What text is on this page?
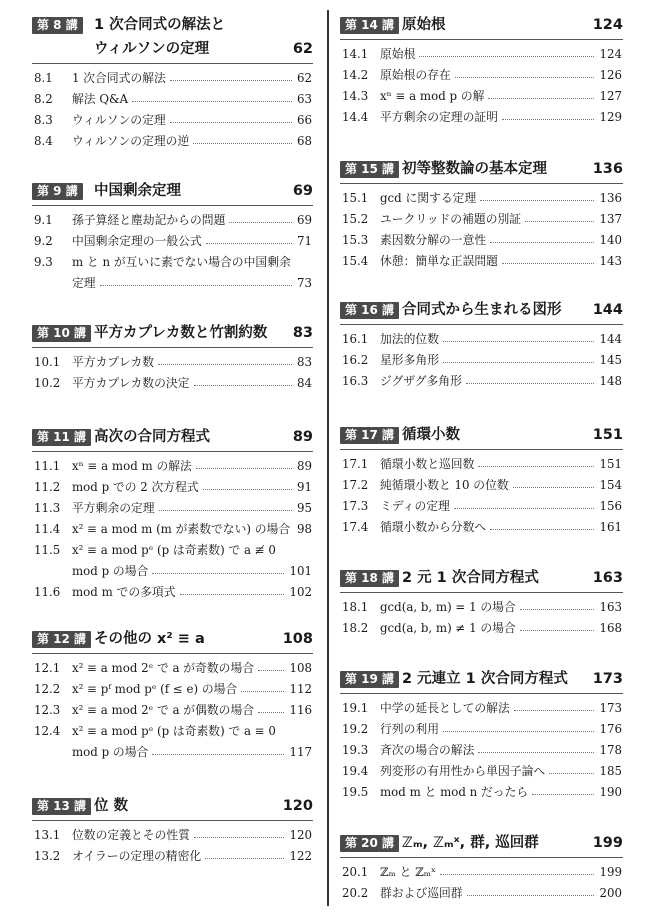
第 8 講	1 次合同式の解法と
ウィルソンの定理	62
8.1 1 次合同式の解法	62
8.2 解法 Q&A	63
8.3 ウィルソンの定理	66
8.4 ウィルソンの定理の逆	68
第 9 講	中国剰余定理	69
9.1 孫子算経と塵劫記からの問題	69
9.2 中国剰余定理の一般公式	71
9.3 m と n が互いに素でない場合の中国剰余
定理	73
第 10 講 平方カプレカ数と竹割約数 83
10.1 平方カプレカ数	83
10.2 平方カプレカ数の決定	84
第 11 講 高次の合同方程式	89
11.1 xⁿ ≡ a mod m の解法	89
11.2 mod p での 2 次方程式	91
11.3 平方剰余の定理	95
11.4 x² ≡ a mod m (m が素数でない) の場合 98
11.5 x² ≡ a mod pᵉ (p は奇素数) で a ≢ 0
mod p の場合	101
11.6 mod m での多項式	102
第 12 講 その他の x² ≡ a	108
12.1 x² ≡ a mod 2ᵉ で a が奇数の場合	108
12.2 x² ≡ pᶠ mod pᵉ (f ≤ e) の場合	112
12.3 x² ≡ a mod 2ᵉ で a が偶数の場合	116
12.4 x² ≡ a mod pᵉ (p は奇素数) で a ≡ 0
mod p の場合	117
第 13 講 位 数	120
13.1 位数の定義とその性質	120
13.2 オイラーの定理の精密化	122
第 14 講 原始根	124
14.1 原始根	124
14.2 原始根の存在	126
14.3 xⁿ ≡ a mod p の解	127
14.4 平方剰余の定理の証明	129
第 15 講 初等整数論の基本定理	136
15.1 gcd に関する定理	136
15.2 ユークリッドの補題の別証	137
15.3 素因数分解の一意性	140
15.4 休憩：簡単な正誤問題	143
第 16 講 合同式から生まれる図形 144
16.1 加法的位数	144
16.2 星形多角形	145
16.3 ジグザグ多角形	148
第 17 講 循環小数	151
17.1 循環小数と巡回数	151
17.2 純循環小数と 10 の位数	154
17.3 ミディの定理	156
17.4 循環小数から分数へ	161
第 18 講 2 元 1 次合同方程式	163
18.1 gcd(a, b, m) = 1 の場合	163
18.2 gcd(a, b, m) ≠ 1 の場合	168
第 19 講 2 元連立 1 次合同方程式 173
19.1 中学の延長としての解法	173
19.2 行列の利用	176
19.3 斉次の場合の解法	178
19.4 列変形の有用性から単因子論へ	185
19.5 mod m と mod n だったら	190
第 20 講 ℤₘ, ℤₘˣ, 群, 巡回群	199
20.1 ℤₘ と ℤₘˣ	199
20.2 群および巡回群	200
